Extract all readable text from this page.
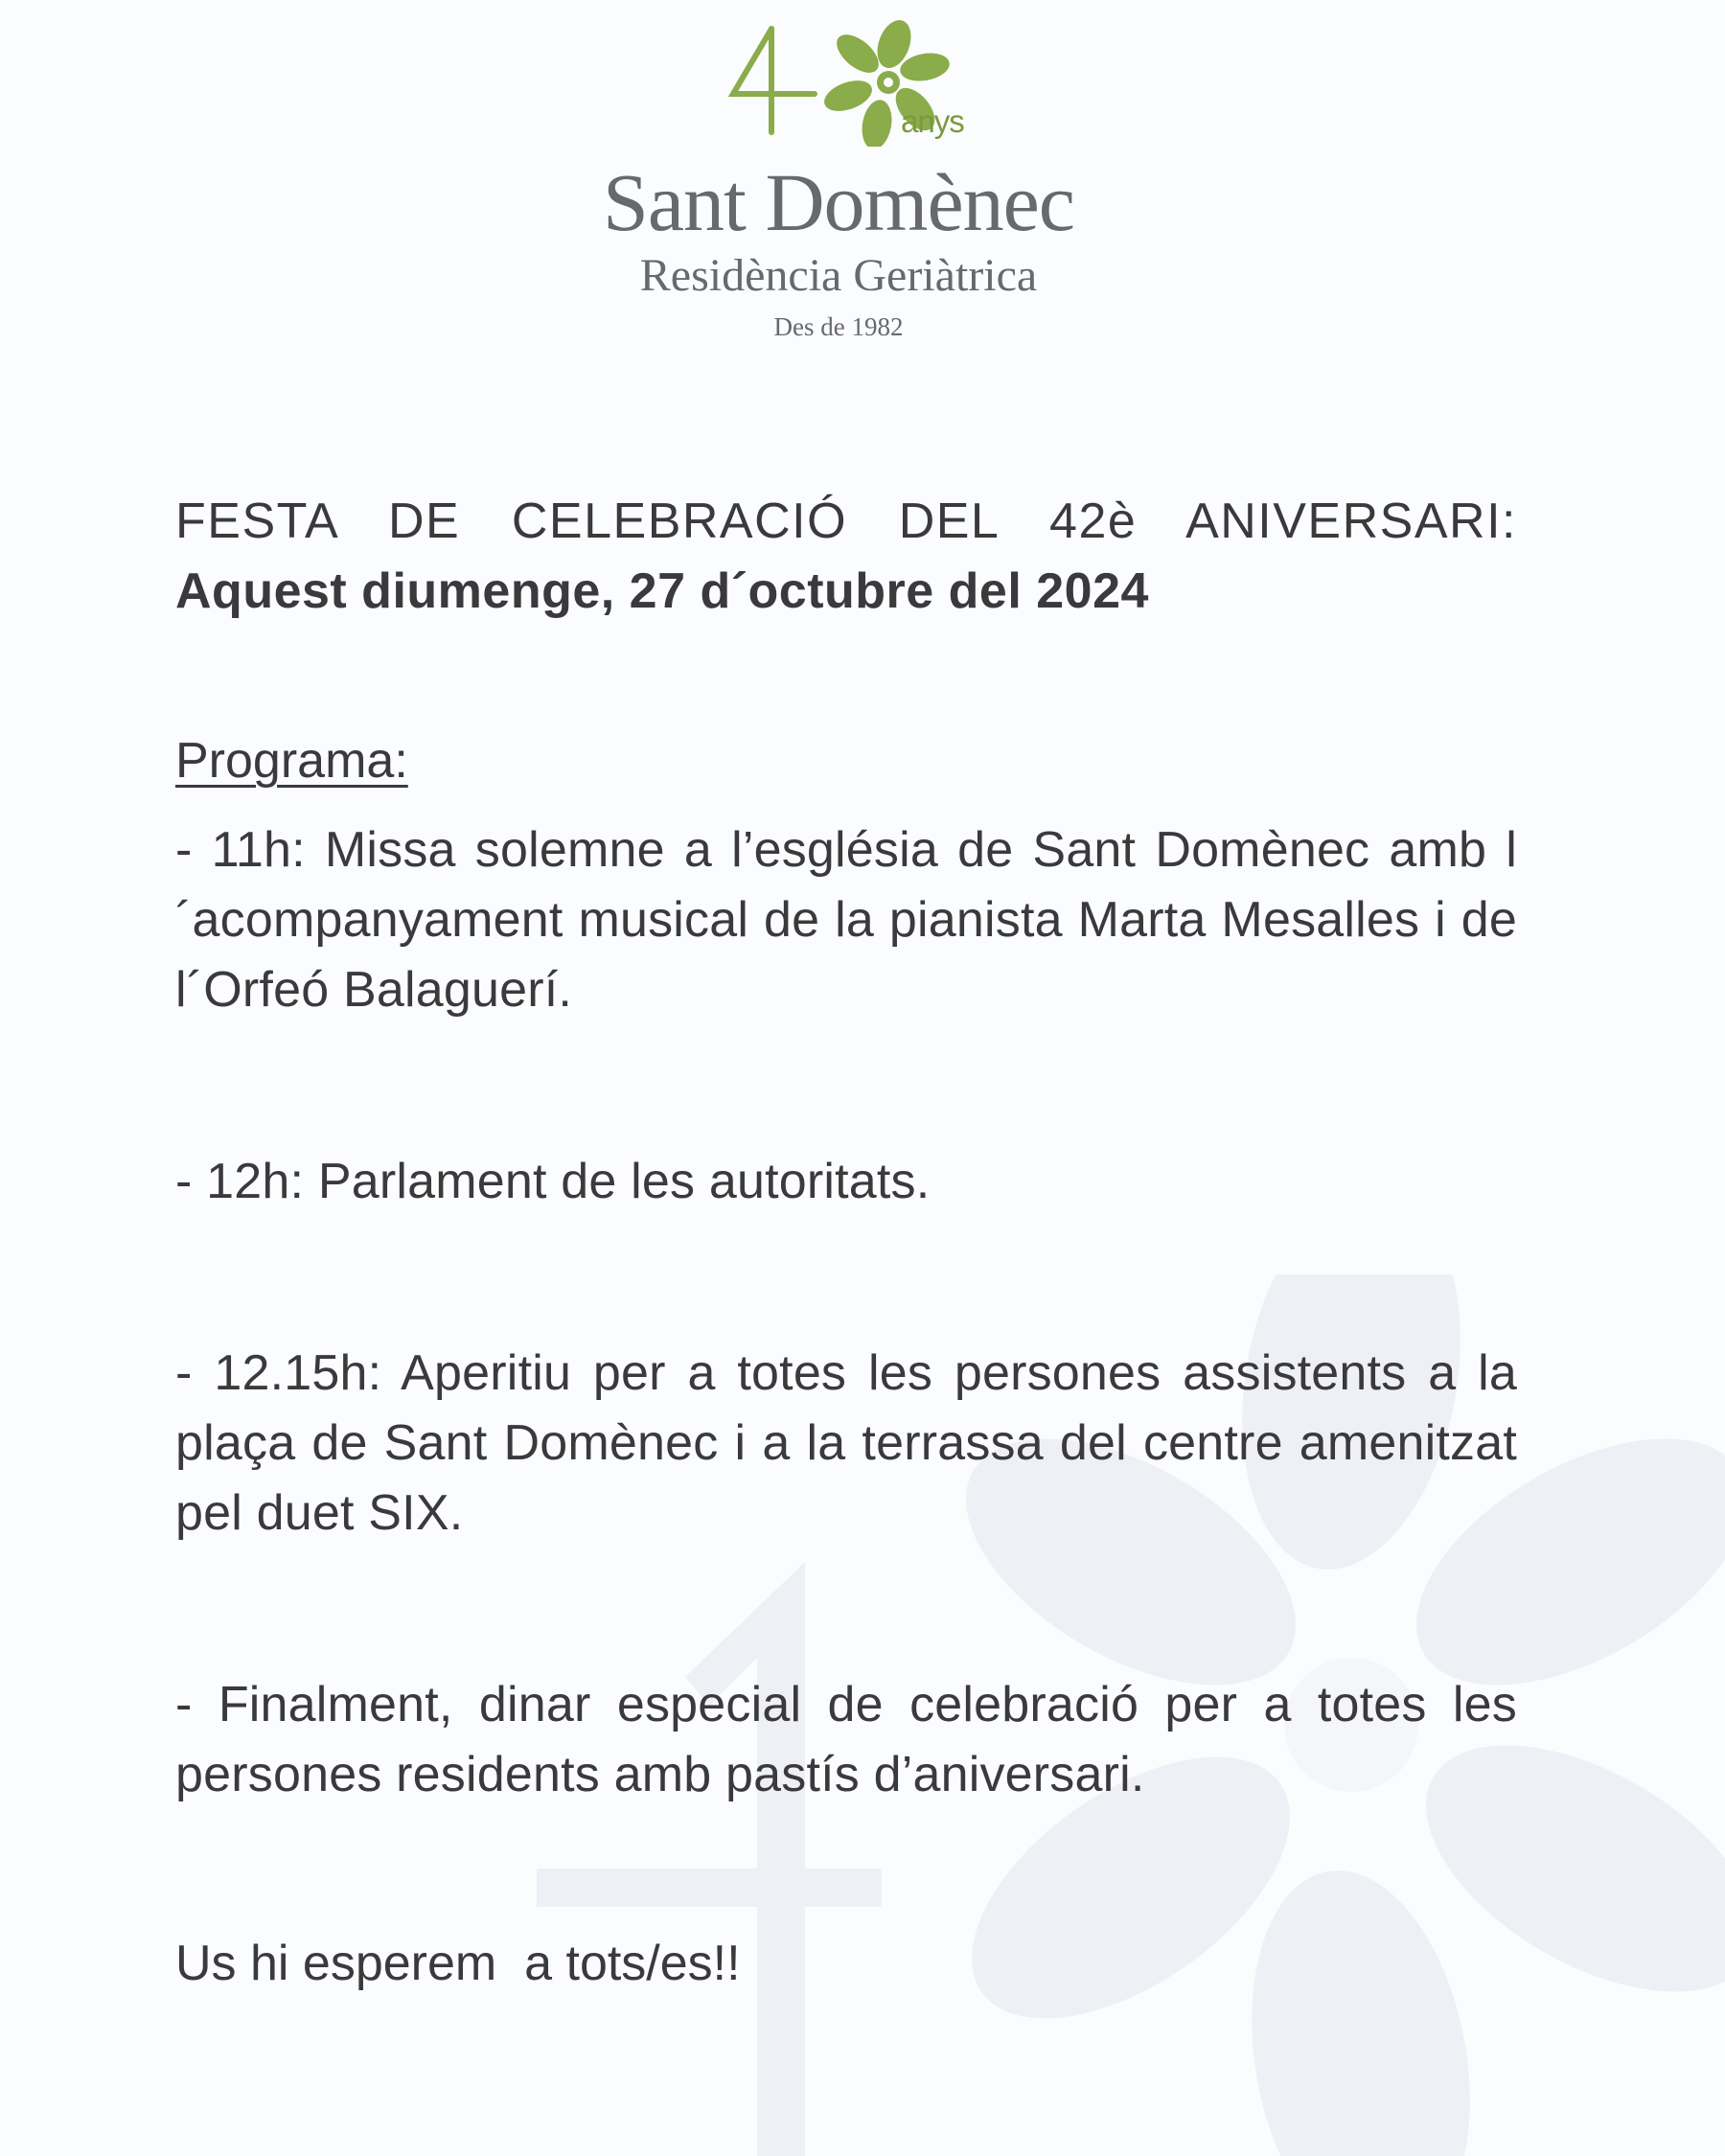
anys
Sant Domènec
Residència Geriàtrica
Des de 1982

FESTA DE CELEBRACIÓ DEL 42è ANIVERSARI:

Aquest diumenge, 27 d´octubre del 2024

Programa:

- 11h: Missa solemne a l’església de Sant Domènec amb l´acompanyament musical de la pianista Marta Mesalles i de l´Orfeó Balaguerí.

- 12h: Parlament de les autoritats.

- 12.15h: Aperitiu per a totes les persones assistents a la plaça de Sant Domènec i a la terrassa del centre amenitzat pel duet SIX.

- Finalment, dinar especial de celebració per a totes les persones residents amb pastís d’aniversari.

Us hi esperem  a tots/es!!
